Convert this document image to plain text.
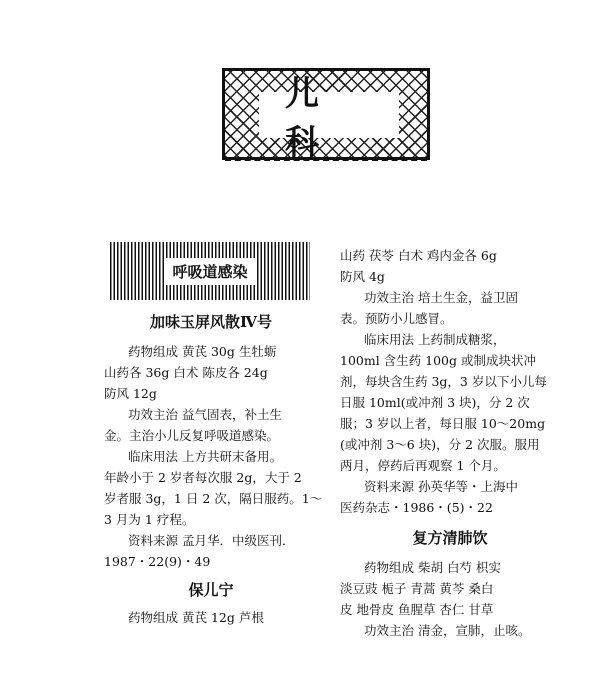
儿 科
呼吸道感染

加味玉屏风散Ⅳ号

药物组成 黄芪 30g 生牡蛎

山药各 36g 白术 陈皮各 24g

防风 12g

功效主治 益气固表，补土生

金。主治小儿反复呼吸道感染。

临床用法 上方共研末备用。

年龄小于 2 岁者每次服 2g，大于 2

岁者服 3g，1 日 2 次，隔日服药。1～

3 月为 1 疗程。

资料来源 孟月华．中级医刊．

1987・22(9)・49

保儿宁

药物组成 黄芪 12g 芦根

山药 茯苓 白术 鸡内金各 6g

防风 4g

功效主治 培土生金，益卫固

表。预防小儿感冒。

临床用法 上药制成糖浆，

100ml 含生药 100g 或制成块状冲

剂，每块含生药 3g，3 岁以下小儿每

日服 10ml(或冲剂 3 块)，分 2 次

服；3 岁以上者，每日服 10～20mg

(或冲剂 3～6 块)，分 2 次服。服用

两月，停药后再观察 1 个月。

资料来源 孙英华等・上海中

医药杂志・1986・(5)・22

复方清肺饮

药物组成 柴胡 白芍 枳实

淡豆豉 栀子 青蒿 黄芩 桑白

皮 地骨皮 鱼腥草 杏仁 甘草

功效主治 清金，宣肺，止咳。
